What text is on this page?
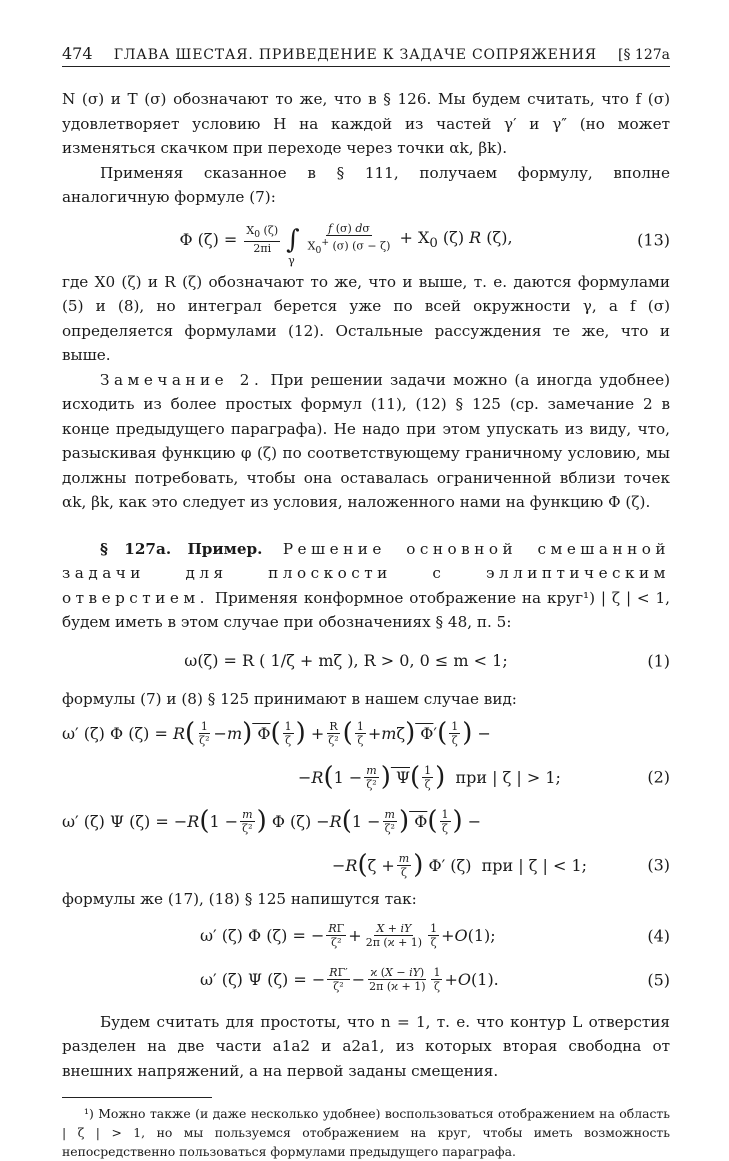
474 ГЛАВА ШЕСТАЯ. ПРИВЕДЕНИЕ К ЗАДАЧЕ СОПРЯЖЕНИЯ [§ 127а

N (σ) и T (σ) обозначают то же, что в § 126. Мы будем считать, что f (σ) удовлетворяет условию H на каждой из частей γ′ и γ″ (но может изменяться скачком при переходе через точки αk, βk).

Применяя сказанное в § 111, получаем формулу, вполне аналогичную формуле (7):

Φ $(\zeta) = \frac{X_0 (\zeta)}{2\pi i}$ ∫
γ
$\frac{f (\sigma) d\sigma}{X_0^+ (\sigma) (\sigma - \zeta)} + X_0$ (ζ) R (ζ),	(13)

где X0 (ζ) и R (ζ) обозначают то же, что и выше, т. е. даются формулами (5) и (8), но интеграл берется уже по всей окружности γ, а f (σ) определяется формулами (12). Остальные рассуждения те же, что и выше.

Замечание 2. При решении задачи можно (а иногда удобнее) исходить из более простых формул (11), (12) § 125 (ср. замечание 2 в конце предыдущего параграфа). Не надо при этом упускать из виду, что, разыскивая функцию φ (ζ) по соответствующему граничному условию, мы должны потребовать, чтобы она оставалась ограниченной вблизи точек αk, βk, как это следует из условия, наложенного нами на функцию Φ (ζ).

§ 127а. Пример. Решение основной смешанной задачи для плоскости с эллиптическим отверстием. Применяя конформное отображение на круг¹) | ζ | < 1, будем иметь в этом случае при обозначениях § 48, п. 5:

ω(ζ) = R ( 1/ζ + mζ ), R > 0, 0 ≤ m < 1;	(1)

формулы (7) и (8) § 125 принимают в нашем случае вид:

ω′ (ζ) Φ (ζ) = R ( $\frac{1}{\text{ζ²}} - m$ ) Φ ( $\frac{1}{\zeta}$ ) + $\frac{R}{\text{ζ²}}$ ( $\frac{1}{\zeta} + m$ ζ ) Φ ′ ( $\frac{1}{\zeta}$ ) −
− R ( $1 - \frac{m}{\text{ζ²}}$ ) Ψ ( $\frac{1}{\zeta}$ ) при | ζ | > 1;	(2)
ω′ (ζ) Ψ (ζ) = − R ( $1 - \frac{m}{\text{ζ²}}$ ) Φ (ζ) − R ( $1 - \frac{m}{\text{ζ²}}$ ) Φ ( $\frac{1}{\zeta}$ ) −
− R ( $\zeta + \frac{m}{\zeta}$ ) Φ′ (ζ)  при | ζ | < 1;	(3)

формулы же (17), (18) § 125 напишутся так:

ω′ (ζ) Φ (ζ) = − $\frac{R\Gamma}{\text{ζ²}} + \frac{X + iY}{2\pi (ϰ + 1)} \frac{1}{\zeta} + O$ (1);	(4)
ω′ (ζ) Ψ (ζ) = − $\frac{R\Gamma'}{\text{ζ²}} - \frac{ϰ (X - iY)}{2\pi (ϰ + 1)} \frac{1}{\zeta} + O$ (1).	(5)

Будем считать для простоты, что n = 1, т. е. что контур L отверстия разделен на две части a1a2 и a2a1, из которых вторая свободна от внешних напряжений, а на первой заданы смещения.

¹) Можно также (и даже несколько удобнее) воспользоваться отображением на область | ζ | > 1, но мы пользуемся отображением на круг, чтобы иметь возможность непосредственно пользоваться формулами предыдущего параграфа.
